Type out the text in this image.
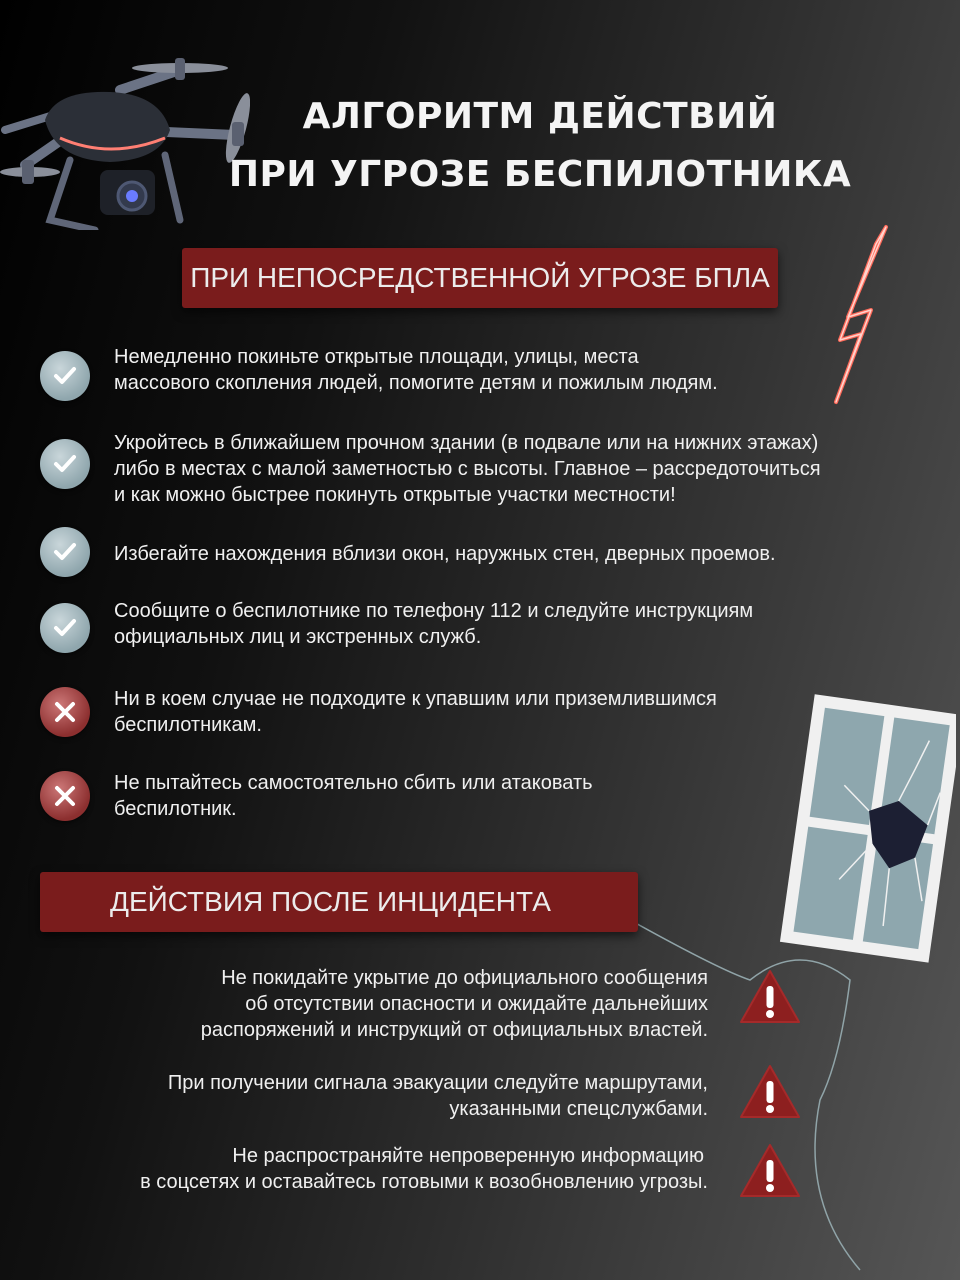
АЛГОРИТМ ДЕЙСТВИЙ
ПРИ УГРОЗЕ БЕСПИЛОТНИКА
ПРИ НЕПОСРЕДСТВЕННОЙ УГРОЗЕ БПЛА
Немедленно покиньте открытые площади, улицы, места
массового скопления людей, помогите детям и пожилым людям.
Укройтесь в ближайшем прочном здании (в подвале или на нижних этажах)
либо в местах с малой заметностью с высоты. Главное – рассредоточиться
и как можно быстрее покинуть открытые участки местности!
Избегайте нахождения вблизи окон, наружных стен, дверных проемов.
Сообщите о беспилотнике по телефону 112 и следуйте инструкциям
официальных лиц и экстренных служб.
Ни в коем случае не подходите к упавшим или приземлившимся
беспилотникам.
Не пытайтесь самостоятельно сбить или атаковать
беспилотник.
ДЕЙСТВИЯ ПОСЛЕ ИНЦИДЕНТА
Не покидайте укрытие до официального сообщения
об отсутствии опасности и ожидайте дальнейших
распоряжений и инструкций от официальных властей.
При получении сигнала эвакуации следуйте маршрутами,
указанными спецслужбами.
Не распространяйте непроверенную информацию
в соцсетях и оставайтесь готовыми к возобновлению угрозы.
